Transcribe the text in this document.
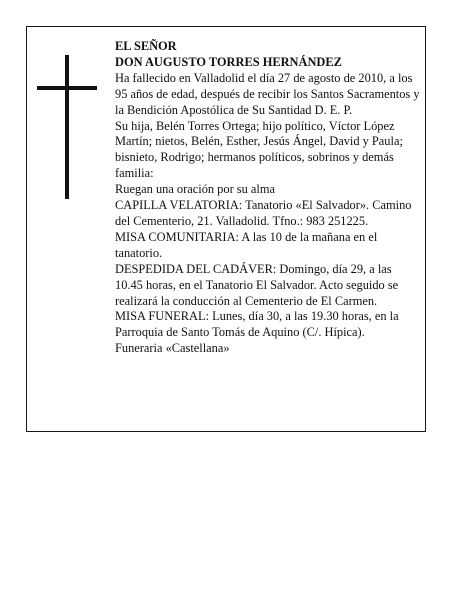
EL SEÑOR

DON AUGUSTO TORRES HERNÁNDEZ

Ha fallecido en Valladolid el día 27 de agosto de 2010, a los 95 años de edad, después de recibir los Santos Sacramentos y la Bendición Apostólica de Su Santidad D. E. P.

Su hija, Belén Torres Ortega; hijo político, Víctor López Martín; nietos, Belén, Esther, Jesús Ángel, David y Paula; bisnieto, Rodrigo; hermanos políticos, sobrinos y demás familia:

Ruegan una oración por su alma

CAPILLA VELATORIA: Tanatorio «El Salvador». Camino del Cementerio, 21. Valladolid. Tfno.: 983 251225.

MISA COMUNITARIA: A las 10 de la mañana en el tanatorio.

DESPEDIDA DEL CADÁVER: Domingo, día 29, a las 10.45 horas, en el Tanatorio El Salvador. Acto seguido se realizará la conducción al Cementerio de El Carmen.

MISA FUNERAL: Lunes, día 30, a las 19.30 horas, en la Parroquia de Santo Tomás de Aquino (C/. Hípica).

Funeraria «Castellana»
